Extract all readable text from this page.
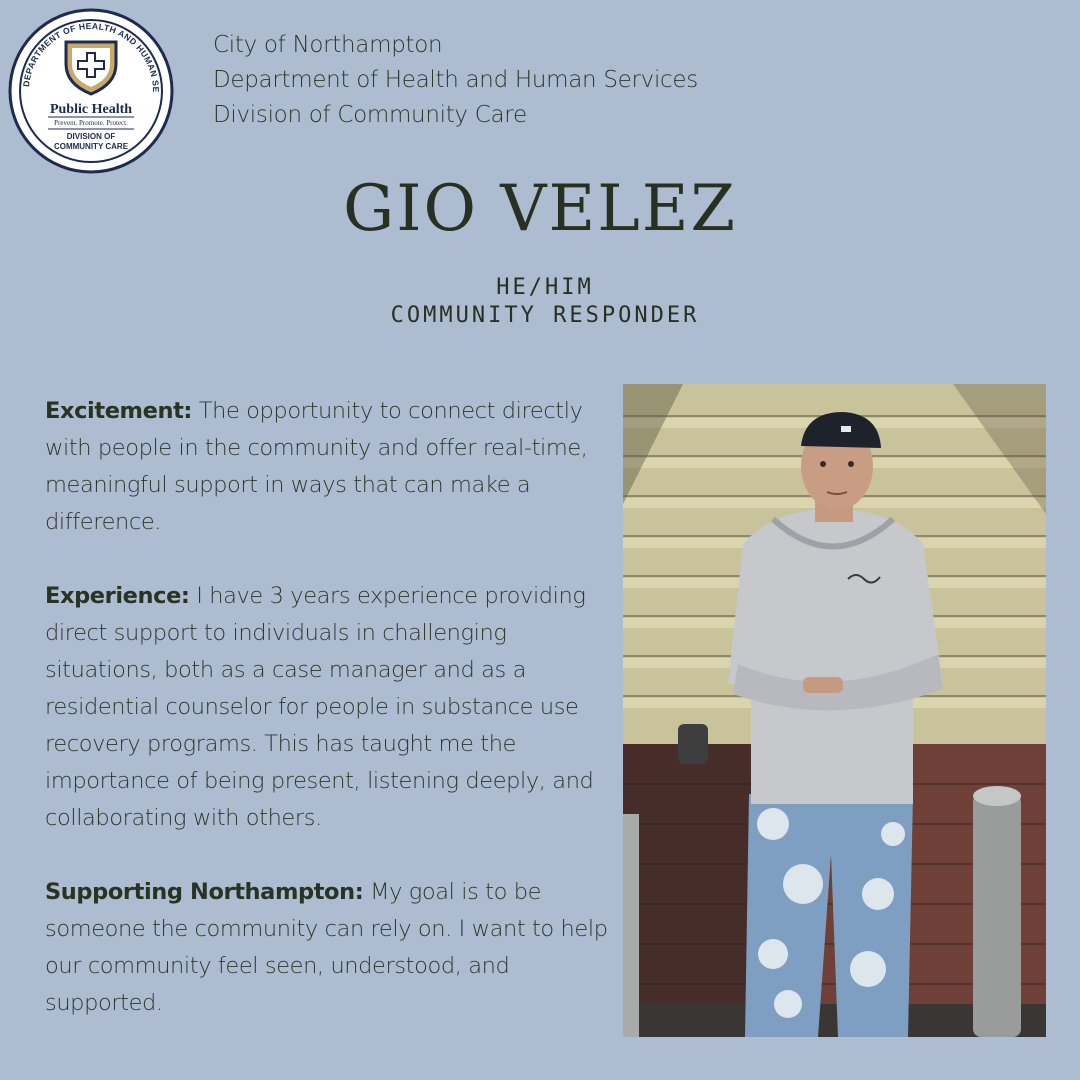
DEPARTMENT OF HEALTH AND HUMAN SE
Public Health
Prevent. Promote. Protect.
DIVISION OF
COMMUNITY CARE
City of Northampton
Department of Health and Human Services
Division of Community Care
GIO VELEZ
HE/HIM
COMMUNITY RESPONDER

Excitement: The opportunity to connect directly with people in the community and offer real-time, meaningful support in ways that can make a difference.

Experience: I have 3 years experience providing direct support to individuals in challenging situations, both as a case manager and as a residential counselor for people in substance use recovery programs. This has taught me the importance of being present, listening deeply, and collaborating with others.

Supporting Northampton: My goal is to be someone the community can rely on. I want to help our community feel seen, understood, and supported.
